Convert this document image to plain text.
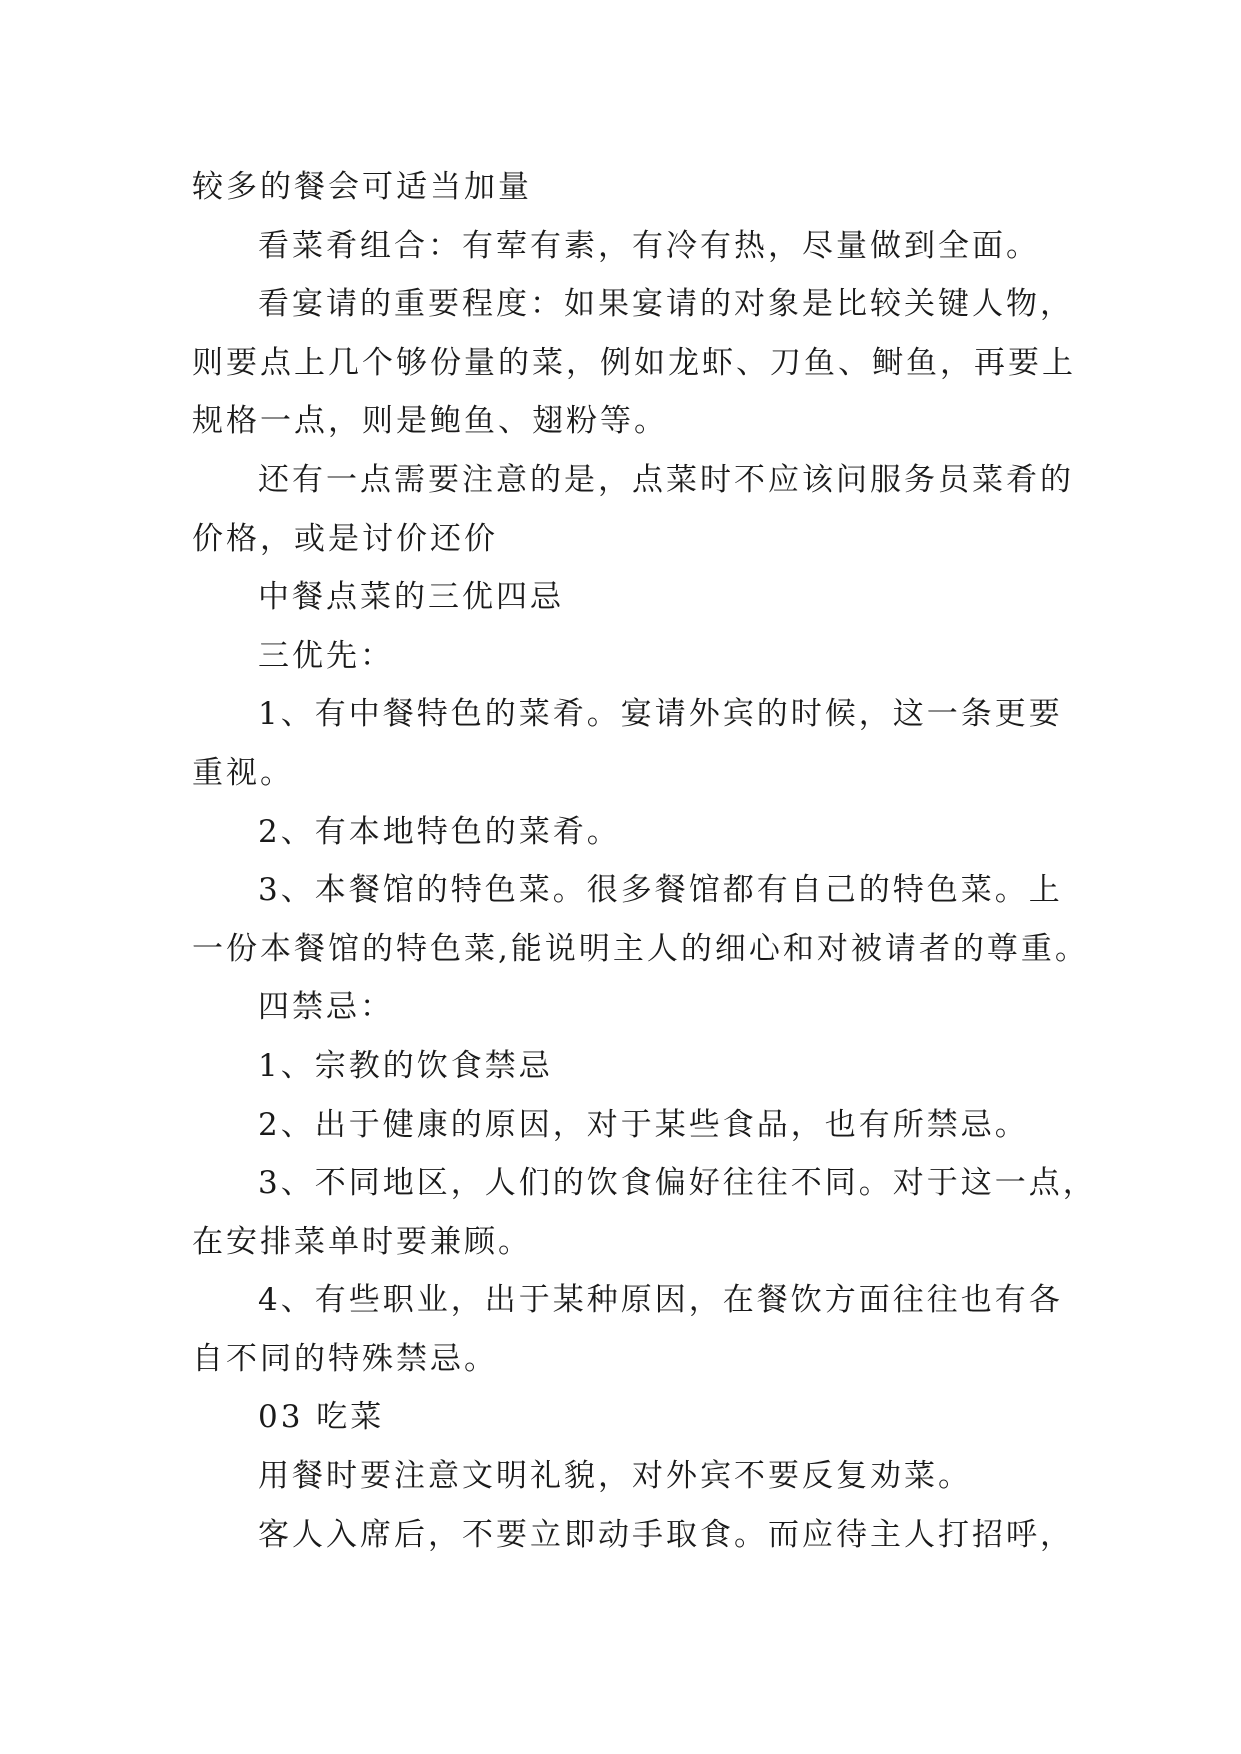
较多的餐会可适当加量
看菜肴组合：有荤有素，有冷有热，尽量做到全面。
看宴请的重要程度：如果宴请的对象是比较关键人物，
则要点上几个够份量的菜，例如龙虾、刀鱼、鲥鱼，再要上
规格一点，则是鲍鱼、翅粉等。
还有一点需要注意的是，点菜时不应该问服务员菜肴的
价格，或是讨价还价
中餐点菜的三优四忌
三优先：
1、有中餐特色的菜肴。宴请外宾的时候，这一条更要
重视。
2、有本地特色的菜肴。
3、本餐馆的特色菜。很多餐馆都有自己的特色菜。上
一份本餐馆的特色菜,能说明主人的细心和对被请者的尊重。
四禁忌：
1、宗教的饮食禁忌
2、出于健康的原因，对于某些食品，也有所禁忌。
3、不同地区，人们的饮食偏好往往不同。对于这一点，
在安排菜单时要兼顾。
4、有些职业，出于某种原因，在餐饮方面往往也有各
自不同的特殊禁忌。
03 吃菜
用餐时要注意文明礼貌，对外宾不要反复劝菜。
客人入席后，不要立即动手取食。而应待主人打招呼，
